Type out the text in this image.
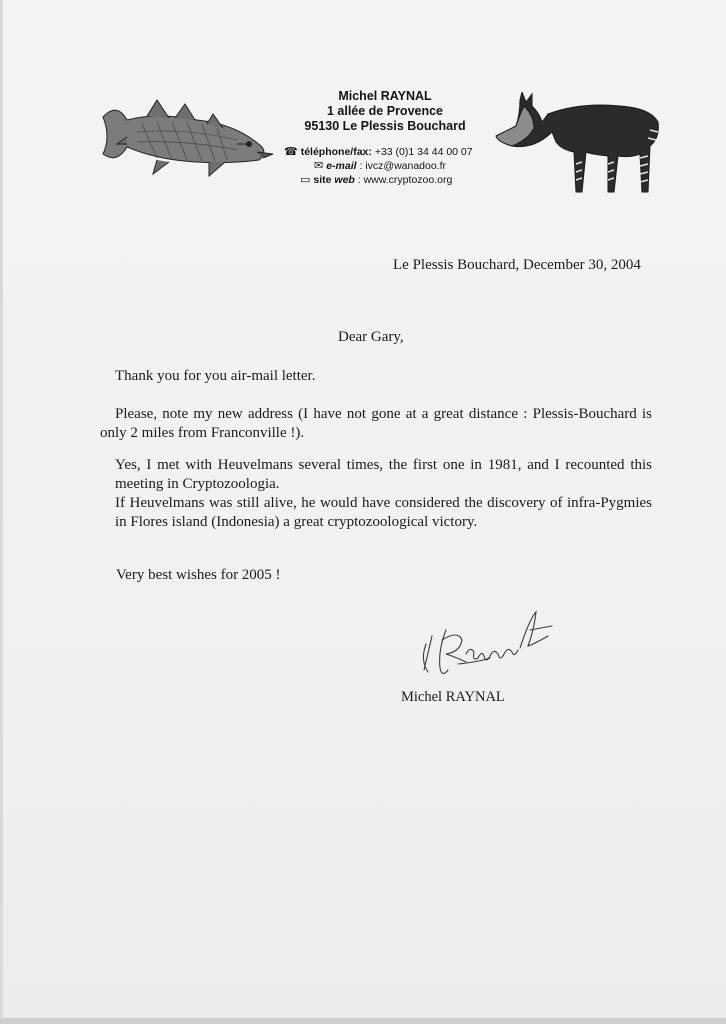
Michel RAYNAL
1 allée de Provence
95130 Le Plessis Bouchard
☎ téléphone/fax: +33 (0)1 34 44 00 07
✉ e-mail : ivcz@wanadoo.fr
▭ site web : www.cryptozoo.org
Le Plessis Bouchard, December 30, 2004
Dear Gary,
Thank you for you air-mail letter.
Please, note my new address (I have not gone at a great distance : Plessis-Bouchard is only 2 miles from Franconville !).
Yes, I met with Heuvelmans several times, the first one in 1981, and I recounted this meeting in Cryptozoologia.
If Heuvelmans was still alive, he would have considered the discovery of infra-Pygmies in Flores island (Indonesia) a great cryptozoological victory.
Very best wishes for 2005 !
Michel RAYNAL
